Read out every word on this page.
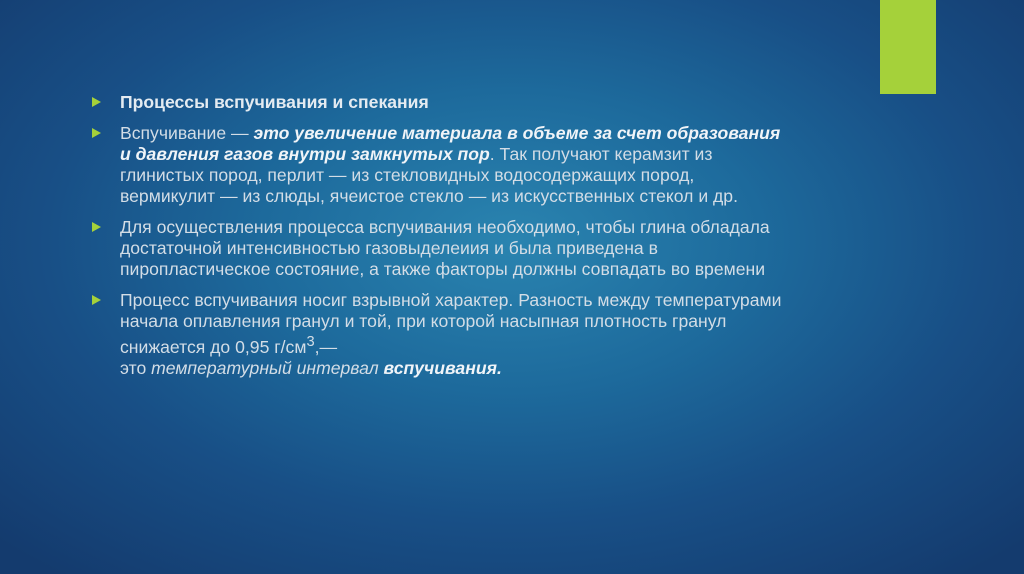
Процессы вспучивания и спекания
Вспучивание — это увеличение материала в объеме за счет образования и давления газов внутри замкнутых пор. Так получают керамзит из глинистых пород, перлит — из стекловидных водосодержащих пород, вермикулит — из слюды, ячеистое стекло — из искусственных стекол и др.
Для осуществления процесса вспучивания необходимо, чтобы глина обладала достаточной интенсивностью газовыделеиия и была приведена в пиропластическое состояние, а также факторы должны совпадать во времени
Процесс вспучивания носиг взрывной характер. Разность между температурами начала оплавления гранул и той, при которой насыпная плотность гранул снижается до 0,95 $г/см^3,—$
это температурный интервал вспучивания.
